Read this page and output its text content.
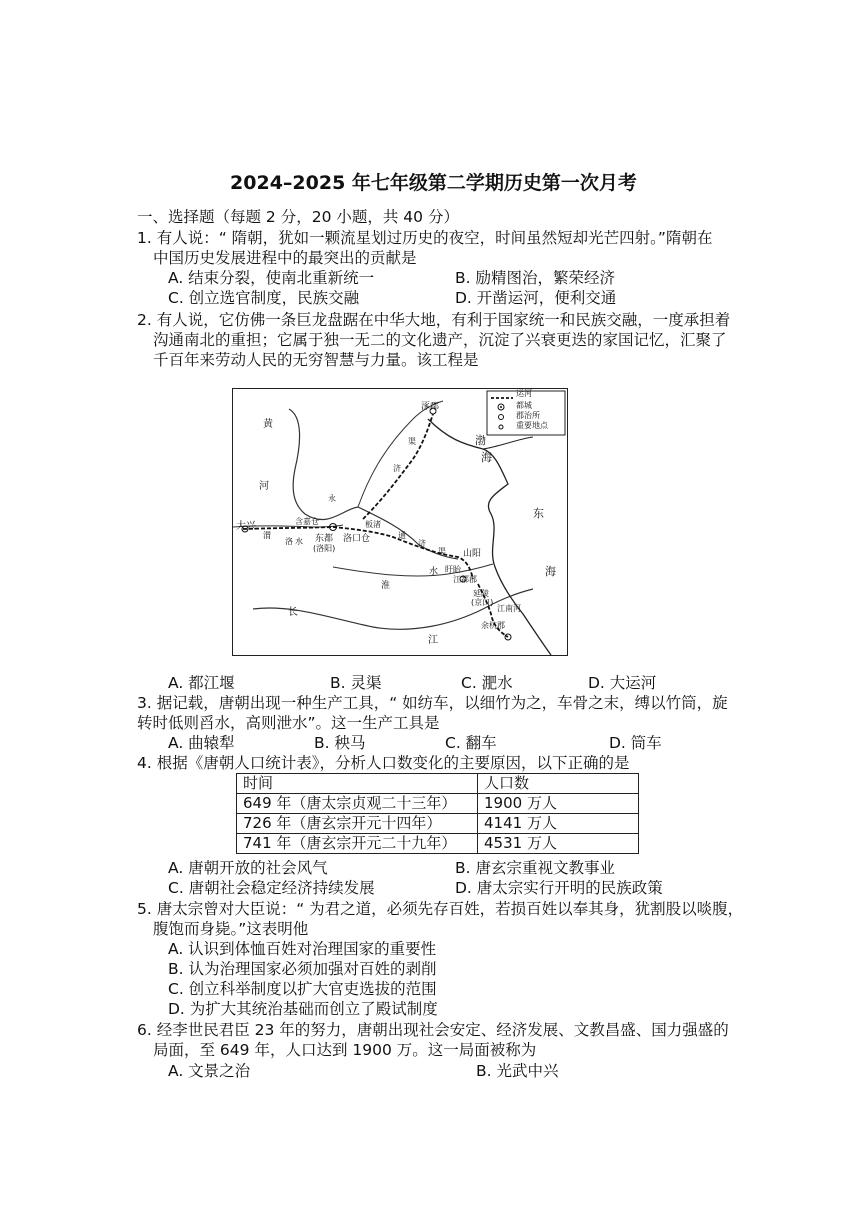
2024–2025 年七年级第二学期历史第一次月考
一、选择题（每题 2 分，20 小题，共 40 分）
1. 有人说：“ 隋朝，犹如一颗流星划过历史的夜空，时间虽然短却光芒四射。”隋朝在
中国历史发展进程中的最突出的贡献是
A. 结束分裂，使南北重新统一	B. 励精图治，繁荣经济
C. 创立选官制度，民族交融	D. 开凿运河，便利交通
2. 有人说，它仿佛一条巨龙盘踞在中华大地，有利于国家统一和民族交融，一度承担着
沟通南北的重担；它属于独一无二的文化遗产，沉淀了兴衰更迭的家国记忆，汇聚了
千百年来劳动人民的无穷智慧与力量。该工程是
运河
都城
郡治所
重要地点
涿郡
大兴	含嘉仓
东都
(洛阳)
洛口仓
板渚
山阳
盱眙
江都郡
延陵
(京口)
余杭郡
江南河
渤
海
东
海
黄
河
长
江
淮
水
渭
洛 水
通
济
渠
永
济
渠
A. 都江堰	B. 灵渠	C. 淝水	D. 大运河
3. 据记载，唐朝出现一种生产工具，“ 如纺车，以细竹为之，车骨之末，缚以竹筒，旋
转时低则舀水，高则泄水”。这一生产工具是
A. 曲辕犁	B. 秧马	C. 翻车	D. 筒车
4. 根据《唐朝人口统计表》，分析人口数变化的主要原因，以下正确的是
时间	人口数
649 年（唐太宗贞观二十三年）	1900 万人
726 年（唐玄宗开元十四年）	4141 万人
741 年（唐玄宗开元二十九年）	4531 万人
A. 唐朝开放的社会风气	B. 唐玄宗重视文教事业
C. 唐朝社会稳定经济持续发展	D. 唐太宗实行开明的民族政策
5. 唐太宗曾对大臣说：“ 为君之道，必须先存百姓，若损百姓以奉其身，犹割股以啖腹，
腹饱而身毙。”这表明他
A. 认识到体恤百姓对治理国家的重要性
B. 认为治理国家必须加强对百姓的剥削
C. 创立科举制度以扩大官吏选拔的范围
D. 为扩大其统治基础而创立了殿试制度
6. 经李世民君臣 23 年的努力，唐朝出现社会安定、经济发展、文教昌盛、国力强盛的
局面，至 649 年，人口达到 1900 万。这一局面被称为
A. 文景之治	B. 光武中兴
